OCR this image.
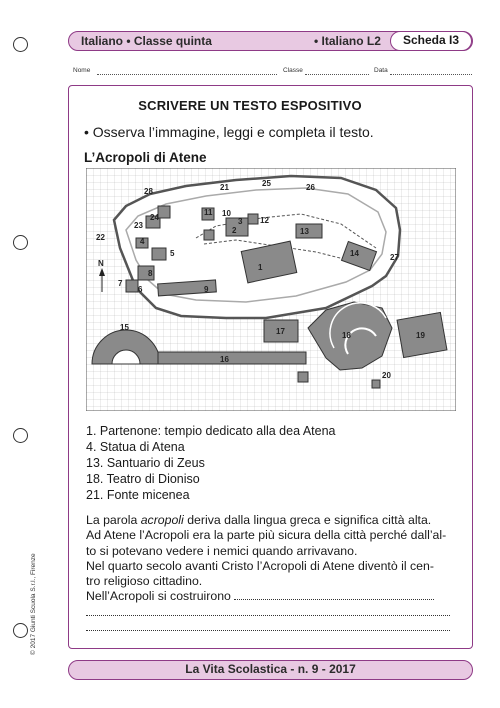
Italiano • Classe quinta	• Italiano L2	Scheda I3
Nome	Classe	Data
SCRIVERE UN TESTO ESPOSITIVO
• Osserva l’immagine, leggi e completa il testo.
L’Acropoli di Atene
N	1
2
3
4
5
6
7
8
9
10
11
12
13
14
15
16
17	18	19
20
21
22
23
24
25	26
27
28
1. Partenone: tempio dedicato alla dea Atena
4. Statua di Atena
13. Santuario di Zeus
18. Teatro di Dioniso
21. Fonte micenea
La parola acropoli deriva dalla lingua greca e significa città alta.
Ad Atene l’Acropoli era la parte più sicura della città perché dall’al-
to si potevano vedere i nemici quando arrivavano.
Nel quarto secolo avanti Cristo l’Acropoli di Atene diventò il cen-
tro religioso cittadino.
Nell’Acropoli si costruirono
© 2017 Giunti Scuola S.r.l., Firenze
La Vita Scolastica - n. 9 - 2017
